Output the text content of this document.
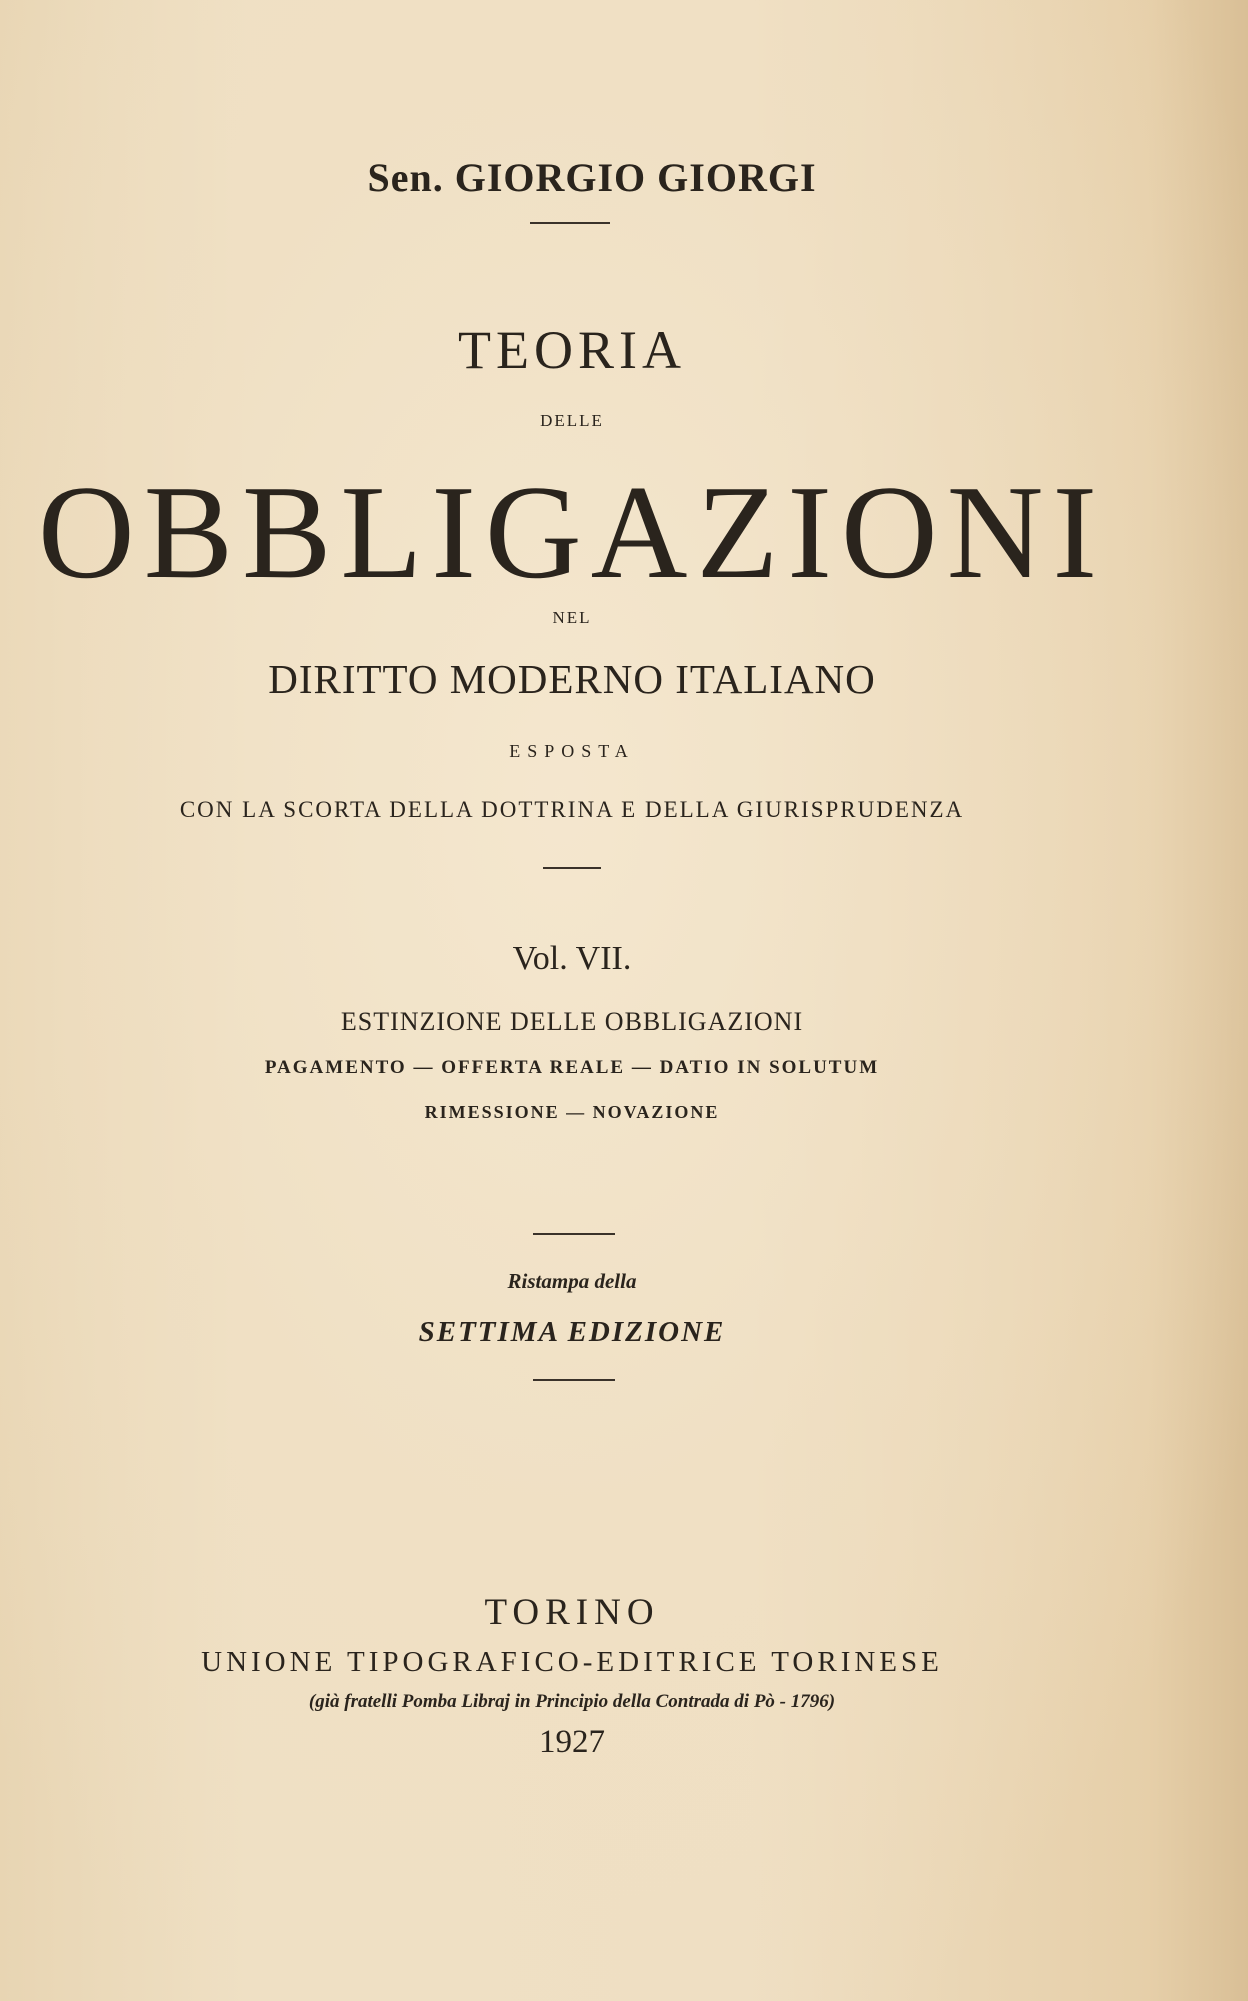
Sen. GIORGIO GIORGI
TEORIA
DELLE
OBBLIGAZIONI
NEL
DIRITTO MODERNO ITALIANO
ESPOSTA
CON LA SCORTA DELLA DOTTRINA E DELLA GIURISPRUDENZA
Vol. VII.
ESTINZIONE DELLE OBBLIGAZIONI
PAGAMENTO — OFFERTA REALE — DATIO IN SOLUTUM
RIMESSIONE — NOVAZIONE
Ristampa della
SETTIMA EDIZIONE
TORINO
UNIONE TIPOGRAFICO-EDITRICE TORINESE
(già fratelli Pomba Libraj in Principio della Contrada di Pò - 1796)
1927
